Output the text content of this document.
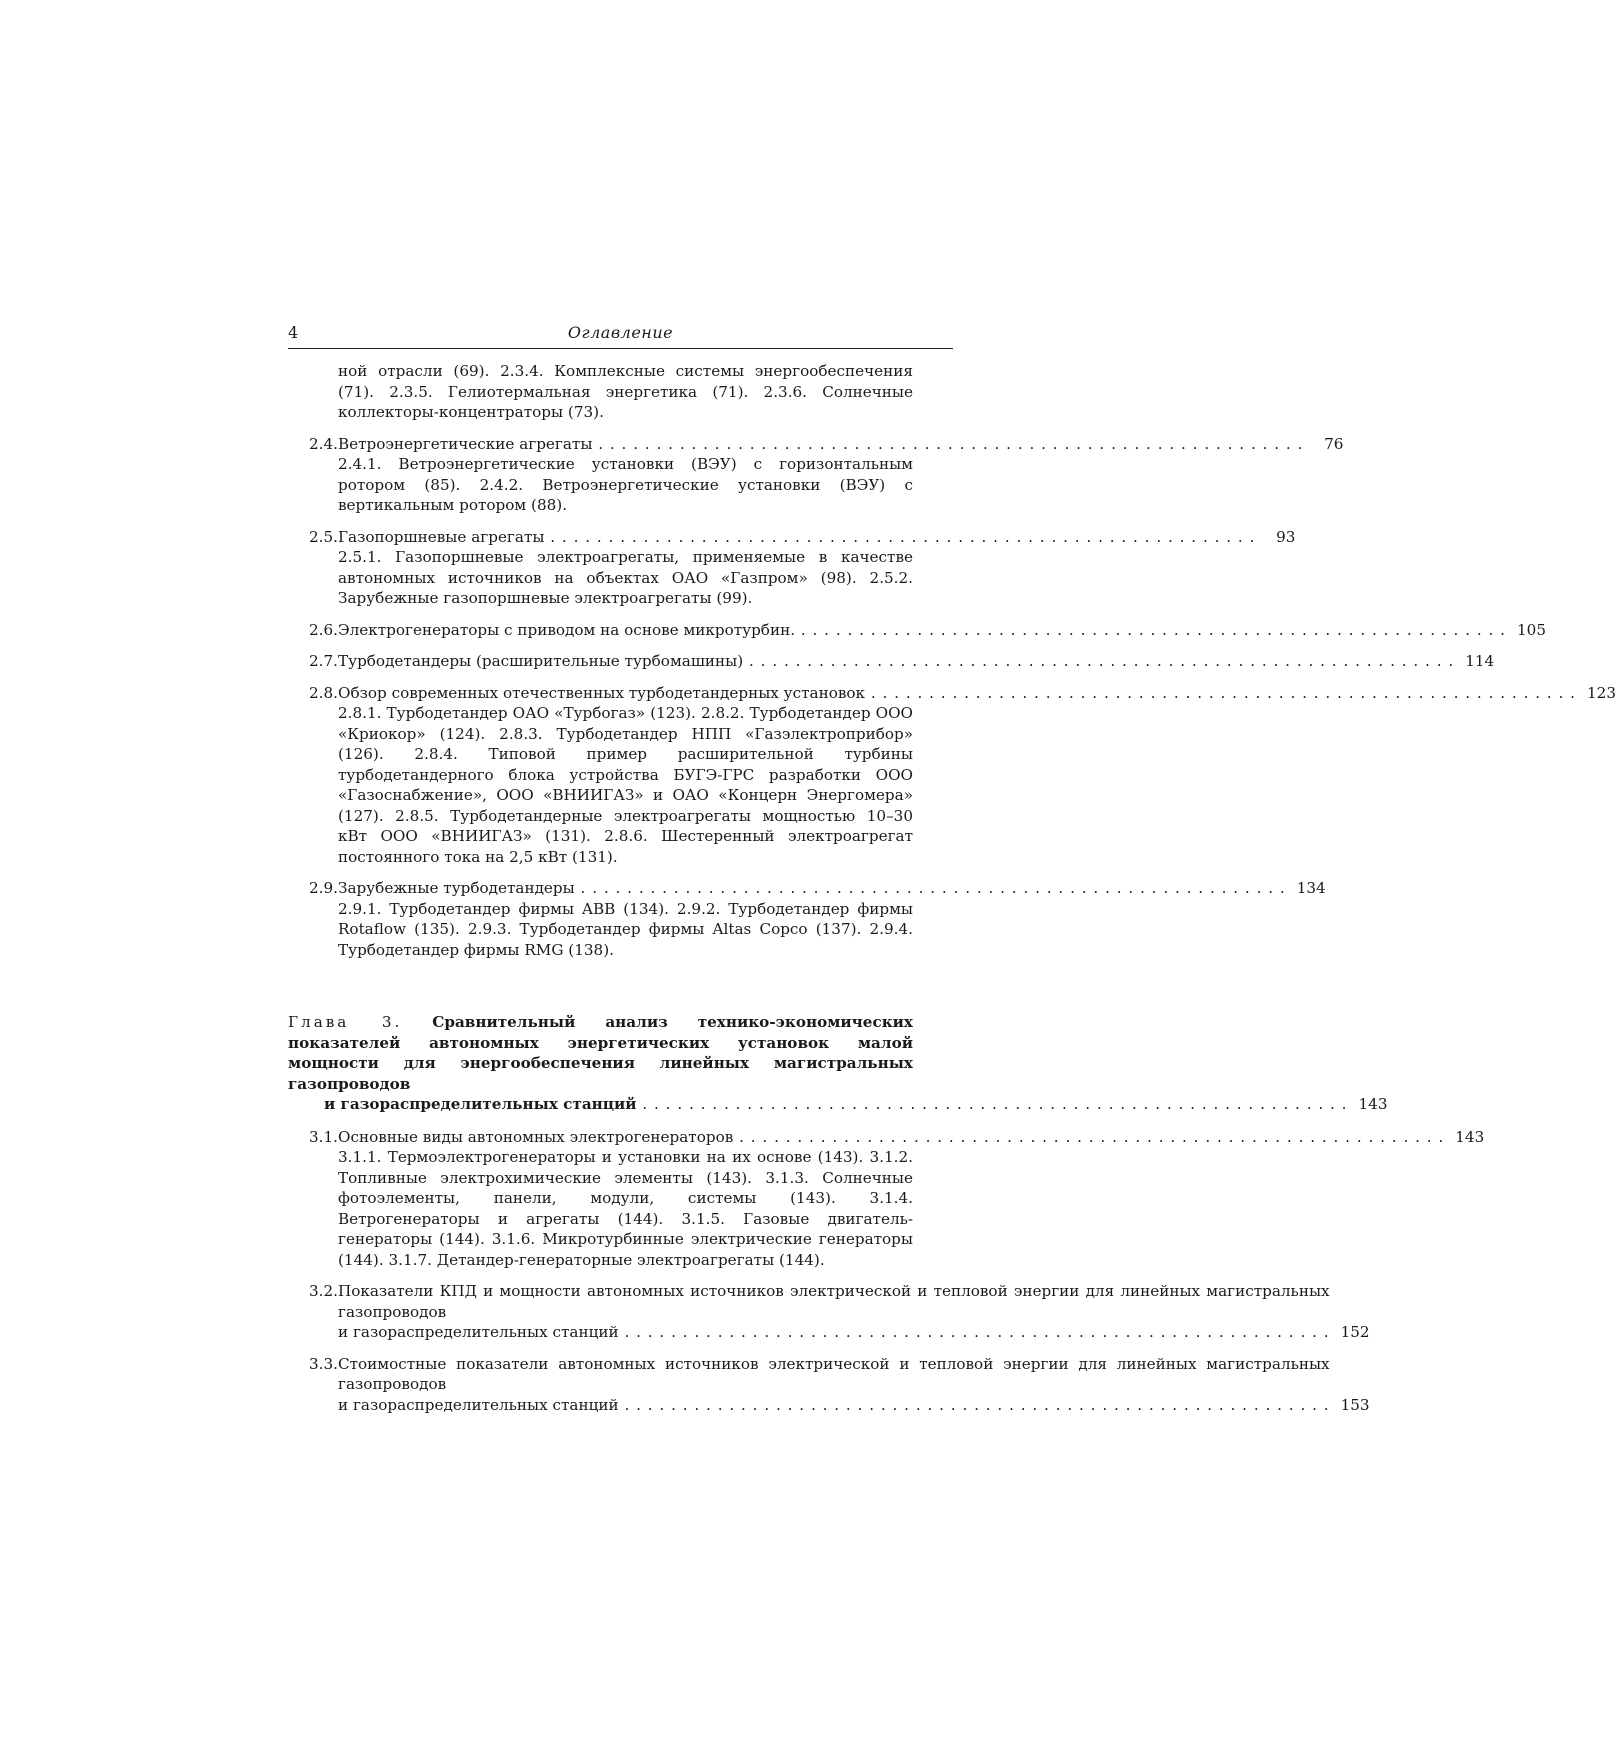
4	Оглавление
ной отрасли (69). 2.3.4. Комплексные системы энергообеспечения (71). 2.3.5. Гелиотермальная энергетика (71). 2.3.6. Солнечные коллекторы-концентраторы (73).
2.4. Ветроэнергетические агрегаты . . .	76
2.4.1. Ветроэнергетические установки (ВЭУ) с горизонтальным ротором (85). 2.4.2. Ветроэнергетические установки (ВЭУ) с вертикальным ротором (88).
2.5. Газопоршневые агрегаты . . .	93
2.5.1. Газопоршневые электроагрегаты, применяемые в качестве автономных источников на объектах ОАО «Газпром» (98). 2.5.2. Зарубежные газопоршневые электроагрегаты (99).
2.6. Электрогенераторы с приводом на основе микротурбин. . . .	105
2.7. Турбодетандеры (расширительные турбомашины) . . .	114
2.8. Обзор современных отечественных турбодетандерных установок . . .	123
2.8.1. Турбодетандер ОАО «Турбогаз» (123). 2.8.2. Турбодетандер ООО «Криокор» (124). 2.8.3. Турбодетандер НПП «Газэлектроприбор» (126). 2.8.4. Типовой пример расширительной турбины турбодетандерного блока устройства БУГЭ-ГРС разработки ООО «Газоснабжение», ООО «ВНИИГАЗ» и ОАО «Концерн Энергомера» (127). 2.8.5. Турбодетандерные электроагрегаты мощностью 10–30 кВт ООО «ВНИИГАЗ» (131). 2.8.6. Шестеренный электроагрегат постоянного тока на 2,5 кВт (131).
2.9. Зарубежные турбодетандеры . . .	134
2.9.1. Турбодетандер фирмы ABB (134). 2.9.2. Турбодетандер фирмы Rotaflow (135). 2.9.3. Турбодетандер фирмы Altas Copco (137). 2.9.4. Турбодетандер фирмы RMG (138).
Глава 3. Сравнительный анализ технико-экономических показателей автономных энергетических установок малой мощности для энергообеспечения линейных магистральных газопроводов
и газораспределительных станций . . .	143
3.1. Основные виды автономных электрогенераторов . . .	143
3.1.1. Термоэлектрогенераторы и установки на их основе (143). 3.1.2. Топливные электрохимические элементы (143). 3.1.3. Солнечные фотоэлементы, панели, модули, системы (143). 3.1.4. Ветрогенераторы и агрегаты (144). 3.1.5. Газовые двигатель-генераторы (144). 3.1.6. Микротурбинные электрические генераторы (144). 3.1.7. Детандер-генераторные электроагрегаты (144).
3.2. Показатели КПД и мощности автономных источников электрической и тепловой энергии для линейных магистральных газопроводов
и газораспределительных станций . . .	152
3.3. Стоимостные показатели автономных источников электрической и тепловой энергии для линейных магистральных газопроводов
и газораспределительных станций . . .	153
